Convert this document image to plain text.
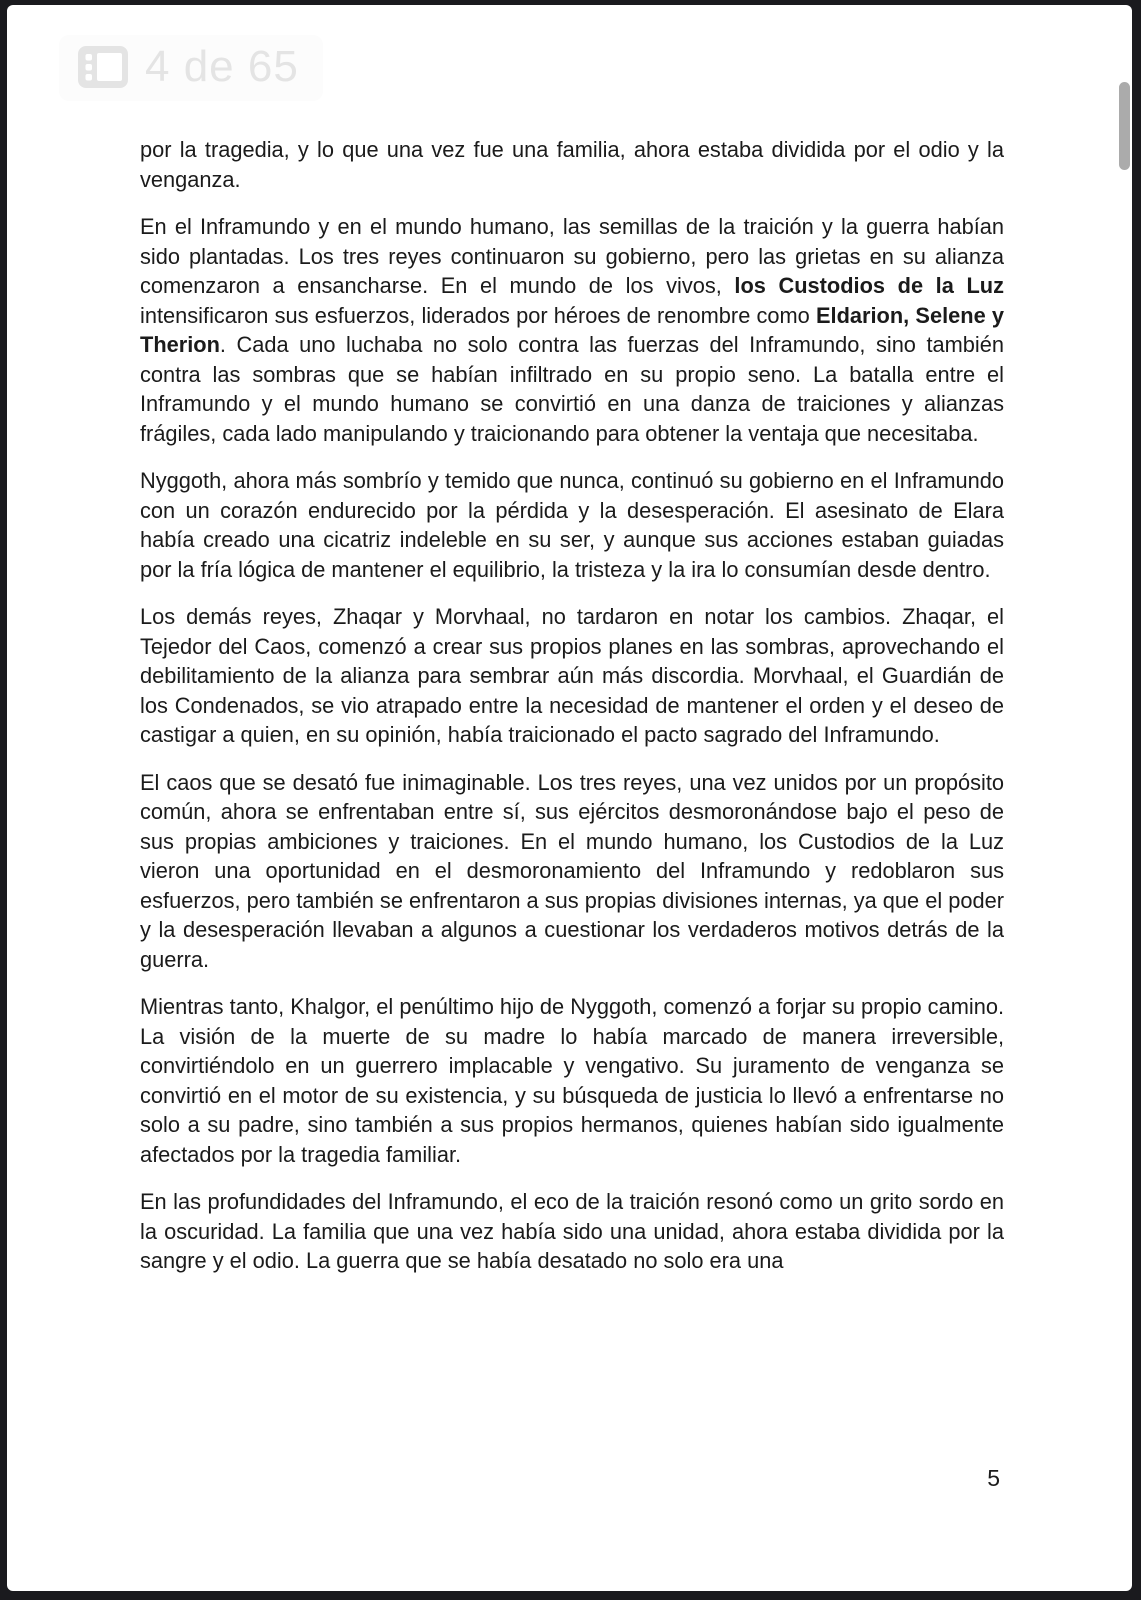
4 de 65

por la tragedia, y lo que una vez fue una familia, ahora estaba dividida por el odio y la venganza.

En el Inframundo y en el mundo humano, las semillas de la traición y la guerra habían sido plantadas. Los tres reyes continuaron su gobierno, pero las grietas en su alianza comenzaron a ensancharse. En el mundo de los vivos, los Custodios de la Luz intensificaron sus esfuerzos, liderados por héroes de renombre como Eldarion, Selene y Therion. Cada uno luchaba no solo contra las fuerzas del Inframundo, sino también contra las sombras que se habían infiltrado en su propio seno. La batalla entre el Inframundo y el mundo humano se convirtió en una danza de traiciones y alianzas frágiles, cada lado manipulando y traicionando para obtener la ventaja que necesitaba.

Nyggoth, ahora más sombrío y temido que nunca, continuó su gobierno en el Inframundo con un corazón endurecido por la pérdida y la desesperación. El asesinato de Elara había creado una cicatriz indeleble en su ser, y aunque sus acciones estaban guiadas por la fría lógica de mantener el equilibrio, la tristeza y la ira lo consumían desde dentro.

Los demás reyes, Zhaqar y Morvhaal, no tardaron en notar los cambios. Zhaqar, el Tejedor del Caos, comenzó a crear sus propios planes en las sombras, aprovechando el debilitamiento de la alianza para sembrar aún más discordia. Morvhaal, el Guardián de los Condenados, se vio atrapado entre la necesidad de mantener el orden y el deseo de castigar a quien, en su opinión, había traicionado el pacto sagrado del Inframundo.

El caos que se desató fue inimaginable. Los tres reyes, una vez unidos por un propósito común, ahora se enfrentaban entre sí, sus ejércitos desmoronándose bajo el peso de sus propias ambiciones y traiciones. En el mundo humano, los Custodios de la Luz vieron una oportunidad en el desmoronamiento del Inframundo y redoblaron sus esfuerzos, pero también se enfrentaron a sus propias divisiones internas, ya que el poder y la desesperación llevaban a algunos a cuestionar los verdaderos motivos detrás de la guerra.

Mientras tanto, Khalgor, el penúltimo hijo de Nyggoth, comenzó a forjar su propio camino. La visión de la muerte de su madre lo había marcado de manera irreversible, convirtiéndolo en un guerrero implacable y vengativo. Su juramento de venganza se convirtió en el motor de su existencia, y su búsqueda de justicia lo llevó a enfrentarse no solo a su padre, sino también a sus propios hermanos, quienes habían sido igualmente afectados por la tragedia familiar.

En las profundidades del Inframundo, el eco de la traición resonó como un grito sordo en la oscuridad. La familia que una vez había sido una unidad, ahora estaba dividida por la sangre y el odio. La guerra que se había desatado no solo era una

5
